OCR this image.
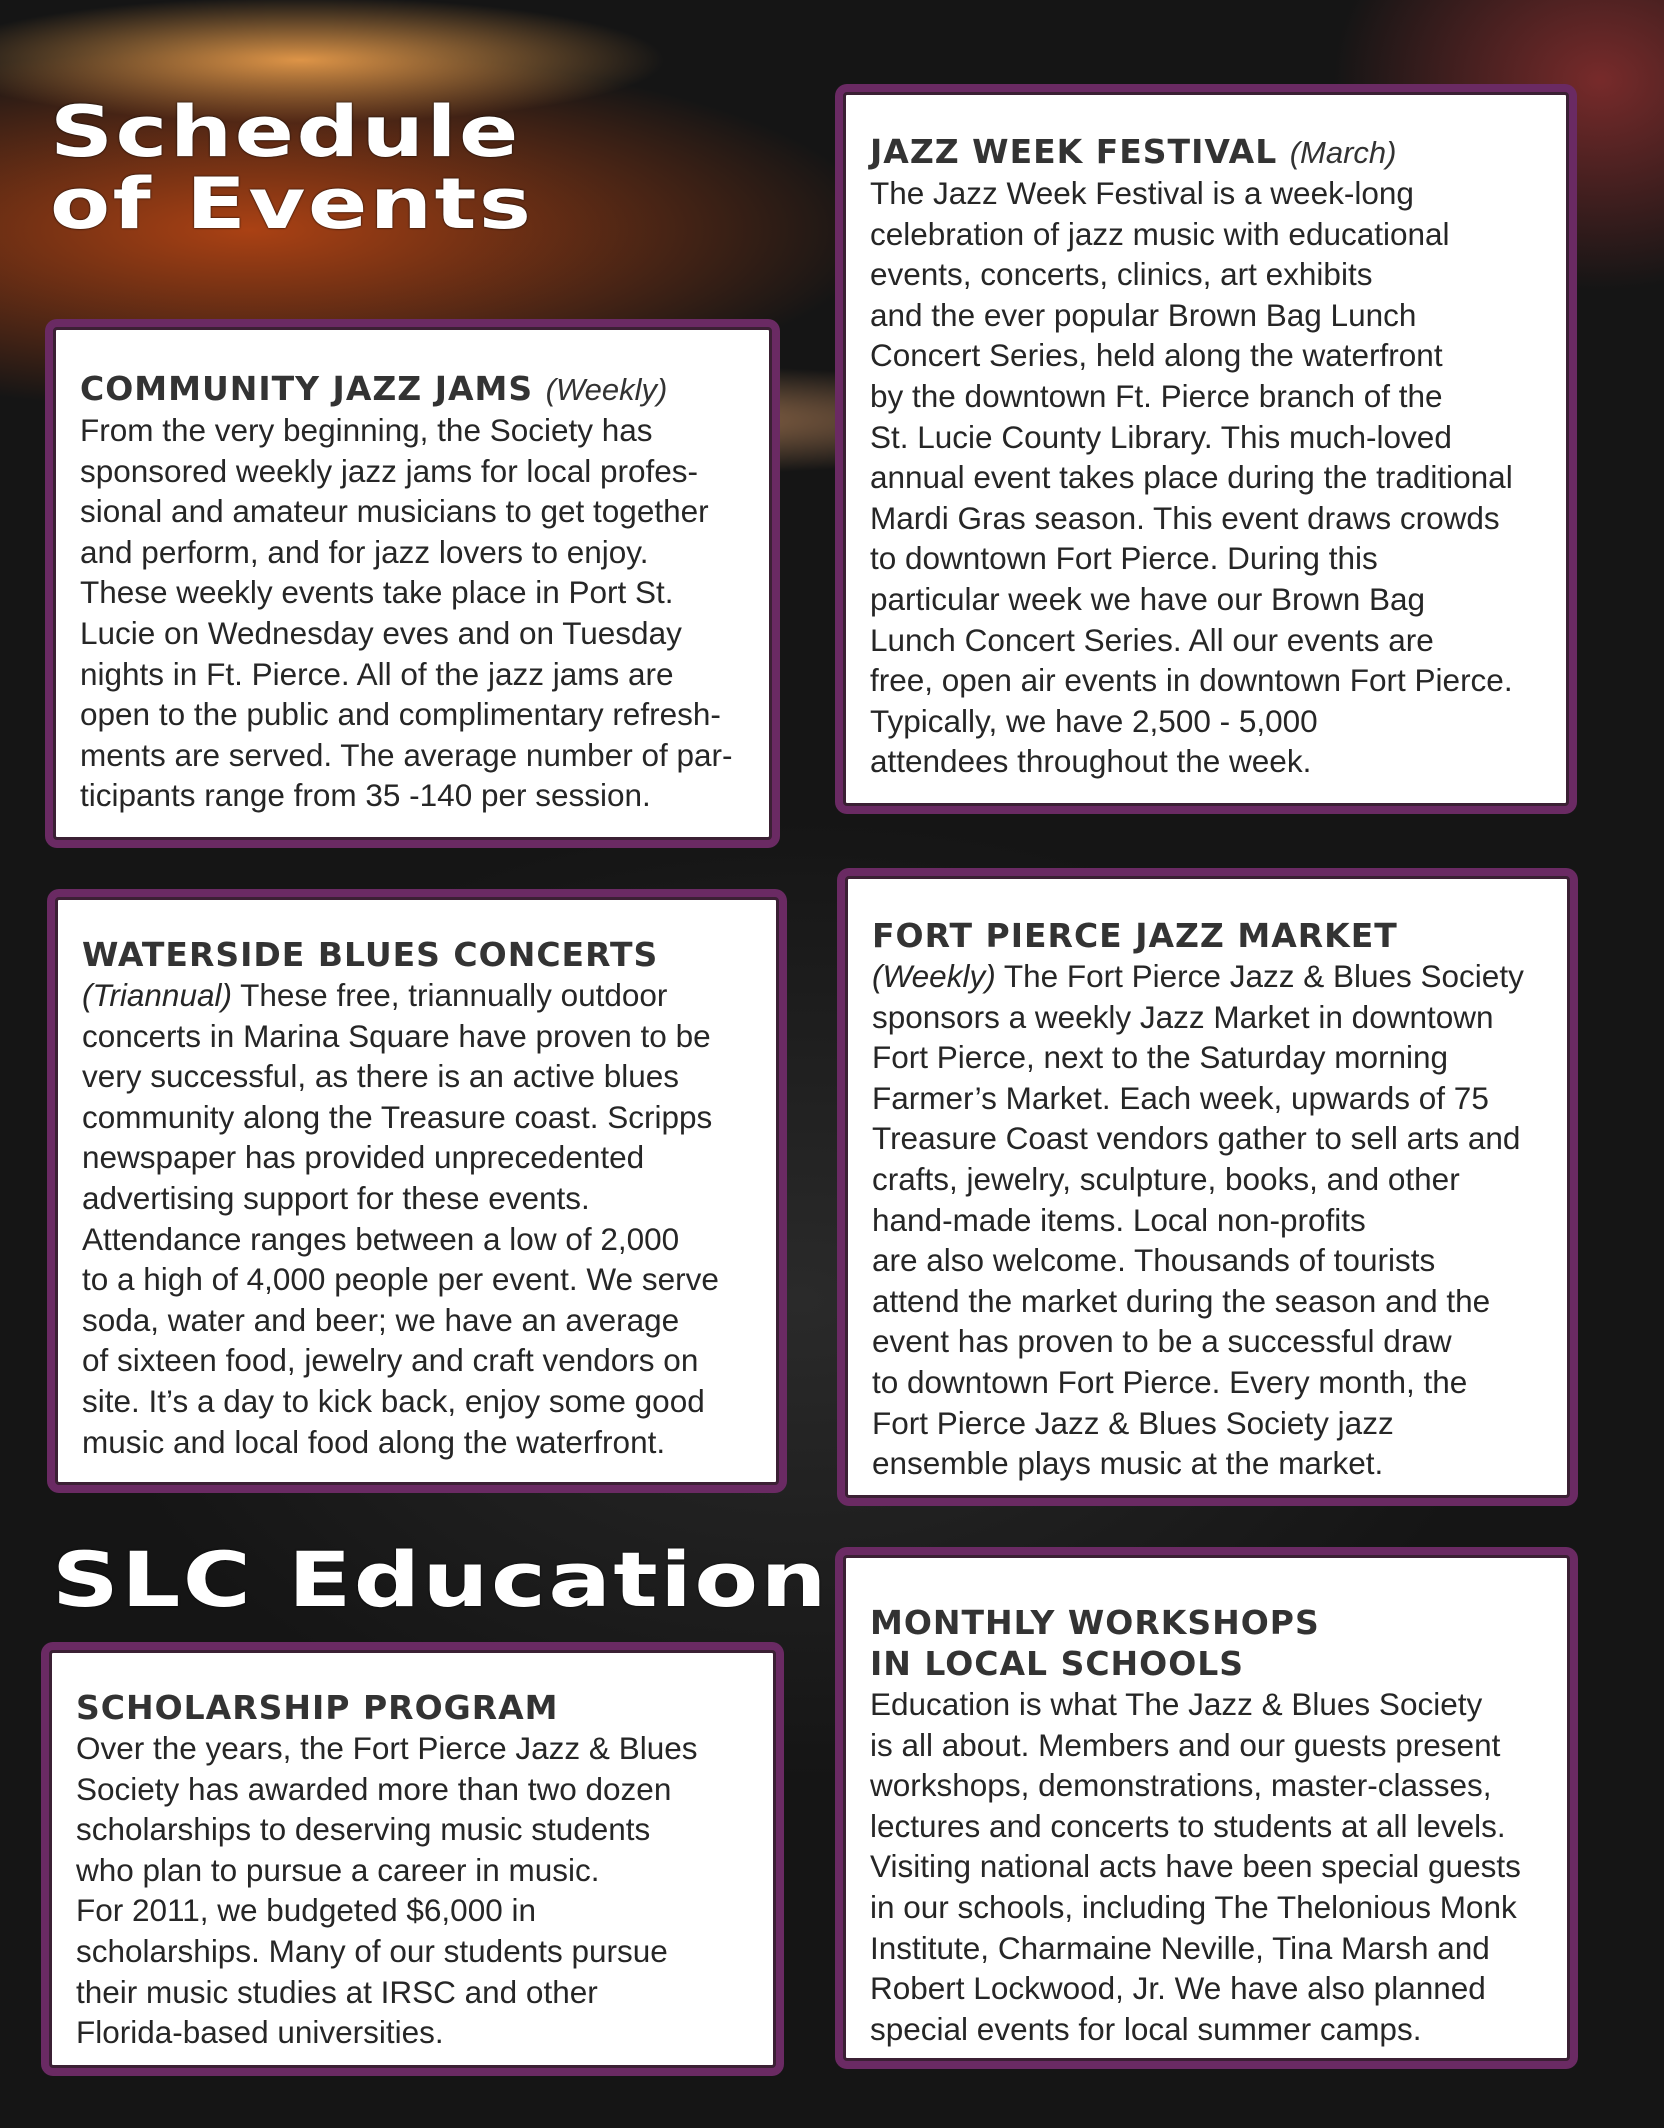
Schedule
of Events
SLC Education
COMMUNITY JAZZ JAMS (Weekly)
From the very beginning, the Society has
sponsored weekly jazz jams for local profes-
sional and amateur musicians to get together
and perform, and for jazz lovers to enjoy.
These weekly events take place in Port St.
Lucie on Wednesday eves and on Tuesday
nights in Ft. Pierce. All of the jazz jams are
open to the public and complimentary refresh-
ments are served. The average number of par-
ticipants range from 35 -140 per session.
JAZZ WEEK FESTIVAL (March)
The Jazz Week Festival is a week-long
celebration of jazz music with educational
events, concerts, clinics, art exhibits
and the ever popular Brown Bag Lunch
Concert Series, held along the waterfront
by the downtown Ft. Pierce branch of the
St. Lucie County Library. This much-loved
annual event takes place during the traditional
Mardi Gras season. This event draws crowds
to downtown Fort Pierce. During this
particular week we have our Brown Bag
Lunch Concert Series. All our events are
free, open air events in downtown Fort Pierce.
Typically, we have 2,500 - 5,000
attendees throughout the week.
WATERSIDE BLUES CONCERTS
(Triannual) These free, triannually outdoor
concerts in Marina Square have proven to be
very successful, as there is an active blues
community along the Treasure coast. Scripps
newspaper has provided unprecedented
advertising support for these events.
Attendance ranges between a low of 2,000
to a high of 4,000 people per event. We serve
soda, water and beer; we have an average
of sixteen food, jewelry and craft vendors on
site. It’s a day to kick back, enjoy some good
music and local food along the waterfront.
FORT PIERCE JAZZ MARKET
(Weekly) The Fort Pierce Jazz & Blues Society
sponsors a weekly Jazz Market in downtown
Fort Pierce, next to the Saturday morning
Farmer’s Market. Each week, upwards of 75
Treasure Coast vendors gather to sell arts and
crafts, jewelry, sculpture, books, and other
hand-made items. Local non-profits
are also welcome. Thousands of tourists
attend the market during the season and the
event has proven to be a successful draw
to downtown Fort Pierce. Every month, the
Fort Pierce Jazz & Blues Society jazz
ensemble plays music at the market.
SCHOLARSHIP PROGRAM
Over the years, the Fort Pierce Jazz & Blues
Society has awarded more than two dozen
scholarships to deserving music students
who plan to pursue a career in music.
For 2011, we budgeted $6,000 in
scholarships. Many of our students pursue
their music studies at IRSC and other
Florida-based universities.
MONTHLY WORKSHOPS
IN LOCAL SCHOOLS
Education is what The Jazz & Blues Society
is all about. Members and our guests present
workshops, demonstrations, master-classes,
lectures and concerts to students at all levels.
Visiting national acts have been special guests
in our schools, including The Thelonious Monk
Institute, Charmaine Neville, Tina Marsh and
Robert Lockwood, Jr. We have also planned
special events for local summer camps.
